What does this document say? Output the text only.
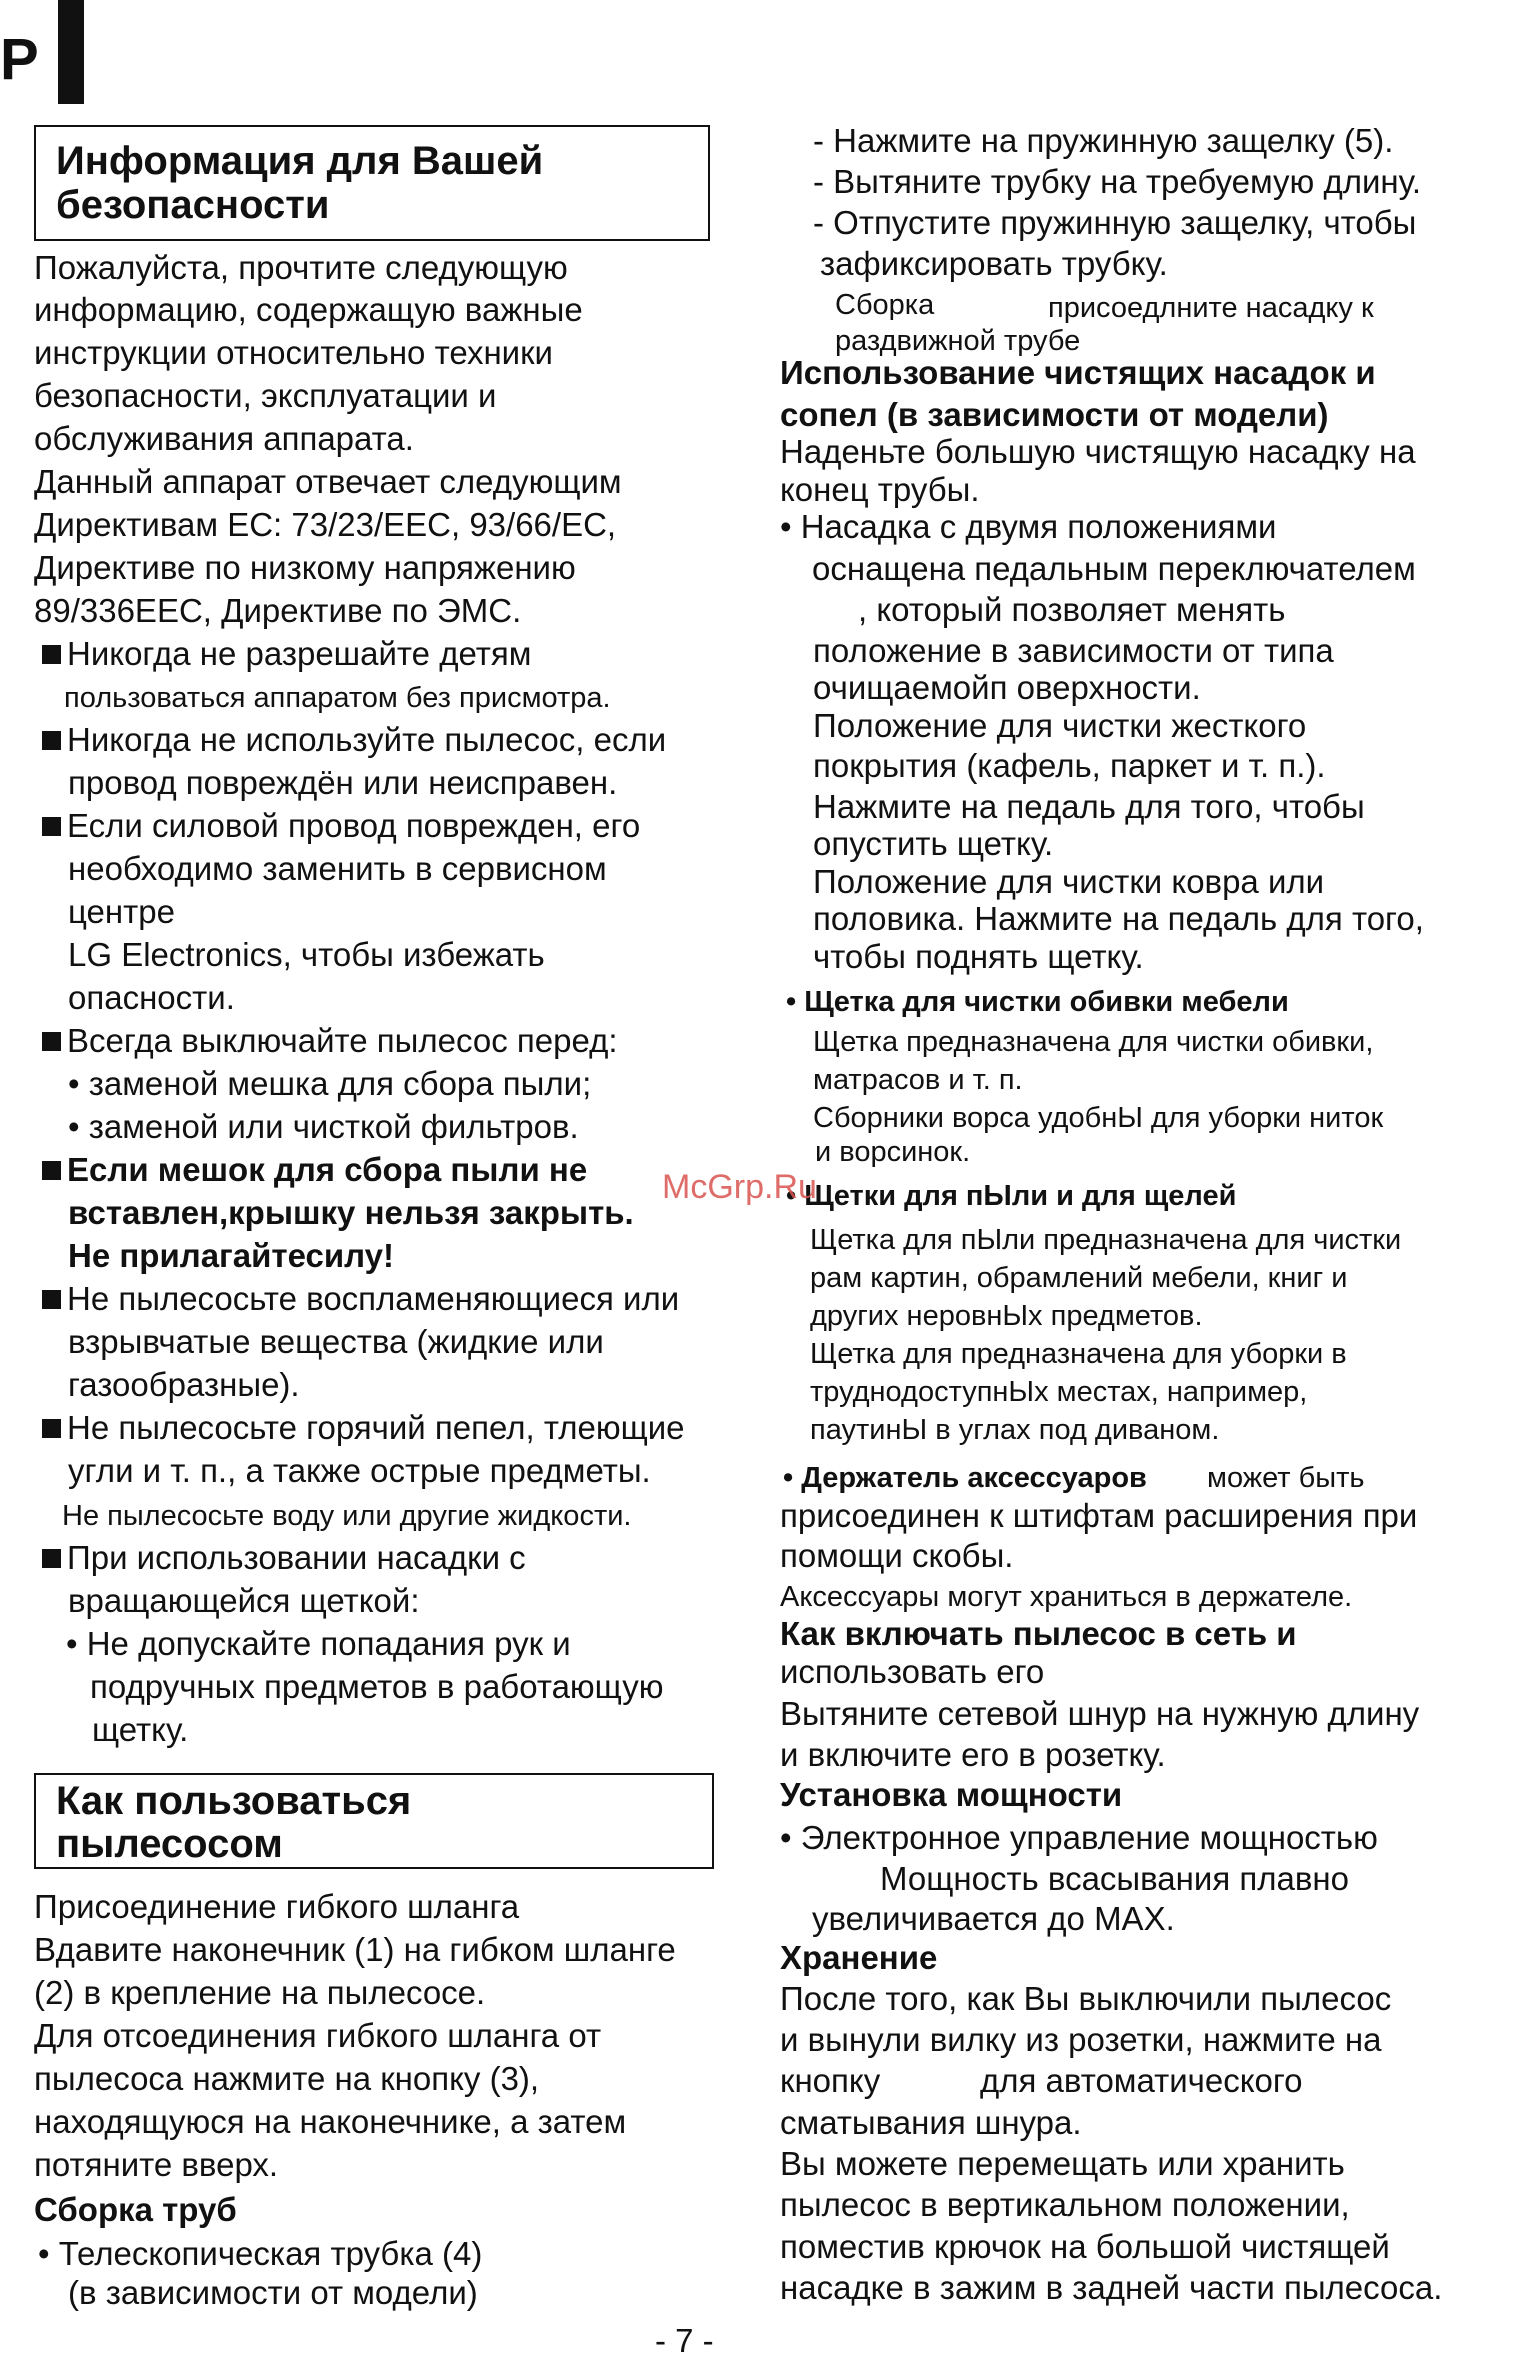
P
Информация для Вашей
безопасности
Пожалуйста, прочтите следующую
информацию, содержащую важные
инструкции относительно техники
безопасности, эксплуатации и
обслуживания аппарата.
Данный аппарат отвечает следующим
Директивам ЕС: 73/23/ЕЕС, 93/66/ЕС,
Директиве по низкому напряжению
89/336ЕЕС, Директиве по ЭМС.
Никогда не разрешайте детям
пользоваться аппаратом без присмотра.
Никогда не используйте пылесос, если
провод повреждён или неисправен.
Если силовой провод поврежден, его
необходимо заменить в сервисном
центре
LG Electronics, чтобы избежать
опасности.
Всегда выключайте пылесос перед:
• заменой мешка для сбора пыли;
• заменой или чисткой фильтров.
Если мешок для сбора пыли не
вставлен,крышку нельзя закрыть.
Не прилагайтесилу!
Не пылесосьте воспламеняющиеся или
взрывчатые вещества (жидкие или
газообразные).
Не пылесосьте горячий пепел, тлеющие
угли и т. п., а также острые предметы.
Не пылесосьте воду или другие жидкости.
При использовании насадки с
вращающейся щеткой:
• Не допускайте попадания рук и
подручных предметов в работающую
щетку.
Как пользоваться
пылесосом
Присоединение гибкого шланга
Вдавите наконечник (1) на гибком шланге
(2) в крепление на пылесосе.
Для отсоединения гибкого шланга от
пылесоса нажмите на кнопку (3),
находящуюся на наконечнике, а затем
потяните вверх.
Сборка труб
• Телескопическая трубка (4)
(в зависимости от модели)
- Нажмите на пружинную защелку (5).
- Вытяните трубку на требуемую длину.
- Отпустите пружинную защелку, чтобы
зафиксировать трубку.
Сборка	присоедлните насадку к
раздвижной трубе
Использование чистящих насадок и
сопел (в зависимости от модели)
Наденьте большую чистящую насадку на
конец трубы.
• Насадка с двумя положениями
оснащена педальным переключателем
, который позволяет менять
положение в зависимости от типа
очищаемойп оверхности.
Положение для чистки жесткого
покрытия (кафель, паркет и т. п.).
Нажмите на педаль для того, чтобы
опустить щетку.
Положение для чистки ковра или
половика. Нажмите на педаль для того,
чтобы поднять щетку.
• Щетка для чистки обивки мебели
Щетка предназначена для чистки обивки,
матрасов и т. п.
Сборники ворса удобнЫ для уборки ниток
и ворсинок.
• Щетки для пЫли и для щелей
Щетка для пЫли предназначена для чистки
рам картин, обрамлений мебели, книг и
других неровнЫх предметов.
Щетка для предназначена для уборки в
труднодоступнЫх местах, например,
паутинЫ в углах под диваном.
• Держатель аксессуаров может быть
присоединен к штифтам расширения при
помощи скобы.
Аксессуары могут храниться в держателе.
Как включать пылесос в сеть и
использовать его
Вытяните сетевой шнур на нужную длину
и включите его в розетку.
Установка мощности
• Электронное управление мощностью
Мощность всасывания плавно
увеличивается до МАХ.
Хранение
После того, как Вы выключили пылесос
и вынули вилку из розетки, нажмите на
кнопку	для автоматического
сматывания шнура.
Вы можете перемещать или хранить
пылесос в вертикальном положении,
поместив крючок на большой чистящей
насадке в зажим в задней части пылесоса.
McGrp.Ru
- 7 -
